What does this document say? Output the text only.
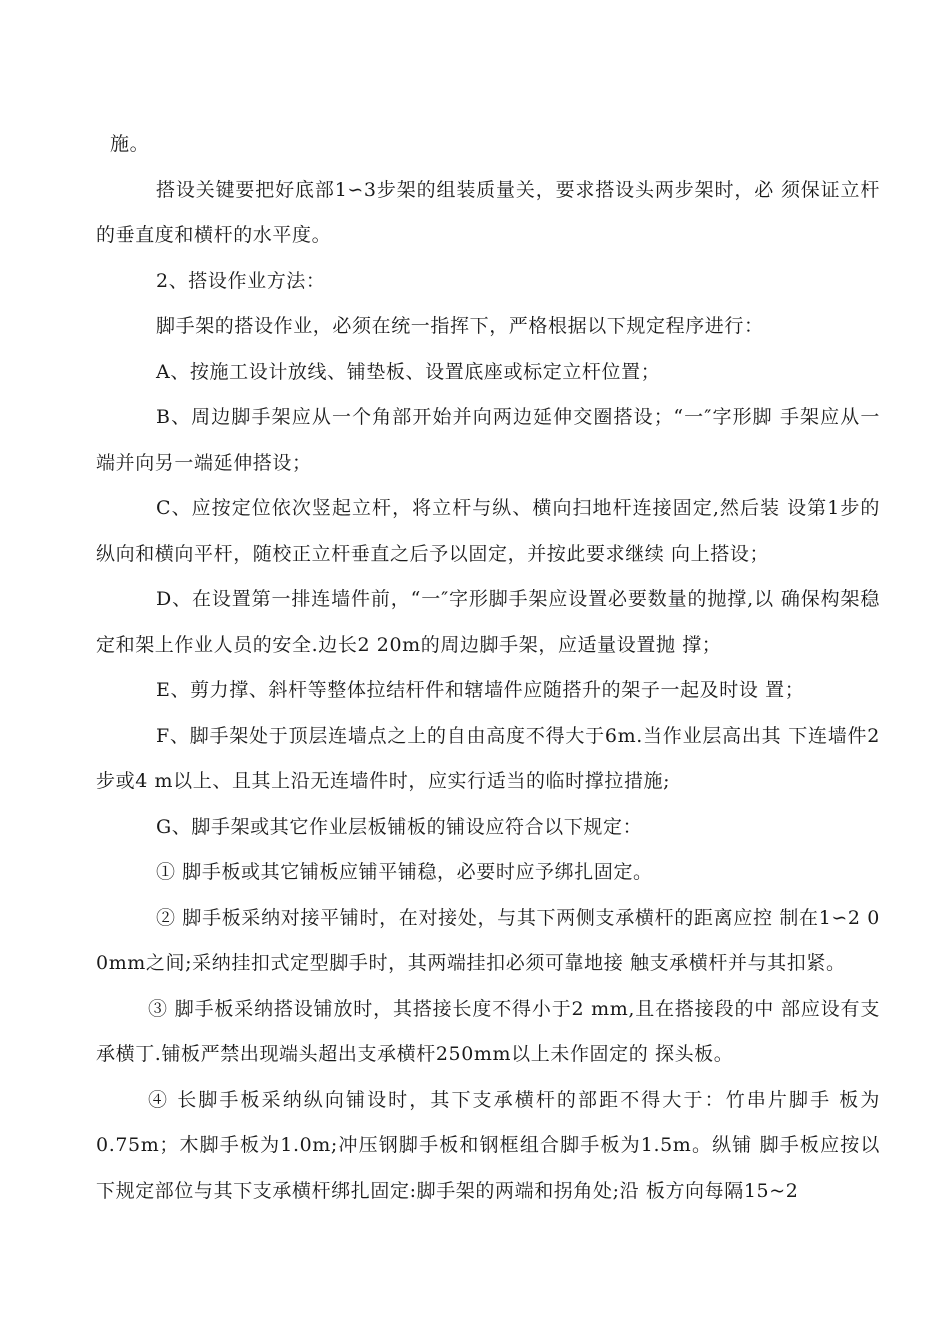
施。

搭设关键要把好底部1∽3步架的组装质量关，要求搭设头两步架时，必 须保证立杆的垂直度和横杆的水平度。

2、搭设作业方法：

脚手架的搭设作业，必须在统一指挥下，严格根据以下规定程序进行：

A、按施工设计放线、铺垫板、设置底座或标定立杆位置；

B、周边脚手架应从一个角部开始并向两边延伸交圈搭设；“一″字形脚 手架应从一端并向另一端延伸搭设；

C、应按定位依次竖起立杆，将立杆与纵、横向扫地杆连接固定,然后装 设第1步的纵向和横向平杆，随校正立杆垂直之后予以固定，并按此要求继续 向上搭设；

D、在设置第一排连墙件前，“一″字形脚手架应设置必要数量的抛撑,以 确保构架稳定和架上作业人员的安全.边长2 20m的周边脚手架，应适量设置抛 撑；

E、剪力撑、斜杆等整体拉结杆件和辖墙件应随搭升的架子一起及时设 置；

F、脚手架处于顶层连墙点之上的自由高度不得大于6m.当作业层高出其 下连墙件2步或4 m以上、且其上沿无连墙件时，应实行适当的临时撑拉措施;

G、脚手架或其它作业层板铺板的铺设应符合以下规定：

① 脚手板或其它铺板应铺平铺稳，必要时应予绑扎固定。

② 脚手板采纳对接平铺时，在对接处，与其下两侧支承横杆的距离应控 制在1∽2 0 0mm之间;采纳挂扣式定型脚手时，其两端挂扣必须可靠地接 触支承横杆并与其扣紧。

③ 脚手板采纳搭设铺放时，其搭接长度不得小于2 mm,且在搭接段的中 部应设有支承横丁.铺板严禁出现端头超出支承横杆250mm以上未作固定的 探头板。

④ 长脚手板采纳纵向铺设时，其下支承横杆的部距不得大于：竹串片脚手 板为0.75m；木脚手板为1.0m;冲压钢脚手板和钢框组合脚手板为1.5m。纵铺 脚手板应按以下规定部位与其下支承横杆绑扎固定:脚手架的两端和拐角处;沿 板方向每隔15~2
